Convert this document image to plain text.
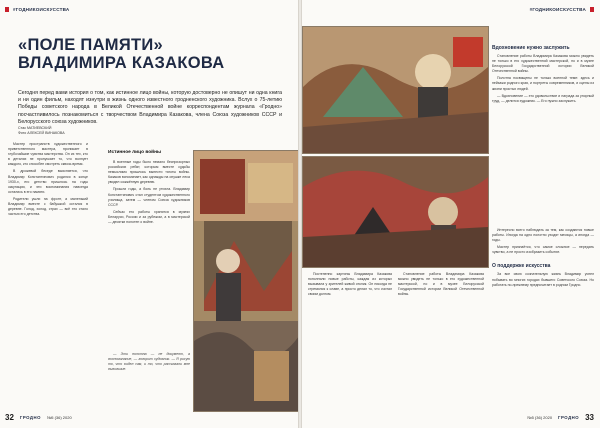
#ГОДНИКОИСКУССТВА
«ПОЛЕ ПАМЯТИ»
ВЛАДИМИРА КАЗАКОВА
Сегодня перед вами история о том, как истинное лицо войны, которую достоверно не опишут ни одна книга и ни один фильм, находят изнутри в жизнь одного известного гродненского художника. Вслух о 75-летию Победы советского народа в Великой Отечественной войне корреспондентам журнала «Гродно» посчастливилось познакомиться с творчеством Владимира Казакова, члена Союза художников СССР и Белорусского союза художников.
Стас МАТИЕВСКИЙ
Фото АЛЕКСЕЙ ВИНАКОВА

Мастер пространств художественного и приветственного мастера, проникает в глубочайшие чувства мастерства. Он из тех, кто в деталях не пропускает то, что волнует каждого, кто способен смотреть сквозь время.

В дрожевой беседе выясняется, что Владимир Константинович родился в конце 1930-х, его детство пришлось на годы оккупации, и эти воспоминания навсегда остались в его памяти.

Родители ушли на фронт, а маленький Владимир вместе с бабушкой остался в деревне. Голод, холод, страх — всё это стало частью его детства.

Истинное лицо войны

В военные годы было немало беспризорных российских ребят, которым вместе судьбы немыслимо пришлось вынести тяготы войны. Казаков вспоминает, как однажды на опушке леса увидел сожжённую деревню.

Прошли годы, а боль не утихла. Владимир Константинович стал студентом художественного училища, затем — членом Союза художников СССР.

Сейчас его работы хранятся в музеях Беларуси, России и за рубежом, а в мастерской — десятки полотен о войне.

— Эти полотна — не документ, а воспоминание, — говорит художник. — Я рисую то, что видел сам, и то, что рассказали мне выжившие.

32 ГРОДНО №5 (36) 2020
#ГОДНИКОИСКУССТВА
Вдохновение нужно заслужить

Становление работы Владимира Казакова можно увидеть не только в его художественной мастерской, но и в музее Белорусской Государственной истории Великой Отечественной войны.

Полотна посвящены не только военной теме: здесь и пейзажи родного края, и портреты современников, и сцены из жизни простых людей.

— Вдохновение — это удовольствие и награда за упорный труд, — делится художник. — Его нужно заслужить.

Интересно всего наблюдать за тем, как создаются новые работы. Иногда на одно полотно уходят месяцы, а иногда — годы.

Мастер признаётся, что самое сложное — передать чувство, а не просто изобразить событие.

О поддержке искусства

За все свою сознательную жизнь Владимир успел побывать во многих городах бывшего Советского Союза. Но работать по-прежнему предпочитает в родном Гродно.

Постепенно картины Владимира Казакова пополняли новые работы, каждая из которых вызывала у зрителей живой отклик. Он никогда не стремился к славе, а просто делал то, что считал своим долгом.

Становление работы Владимира Казакова можно увидеть не только в его художественной мастерской, но и в музее Белорусской Государственной истории Великой Отечественной войны.

№5 (36) 2020 ГРОДНО 33
